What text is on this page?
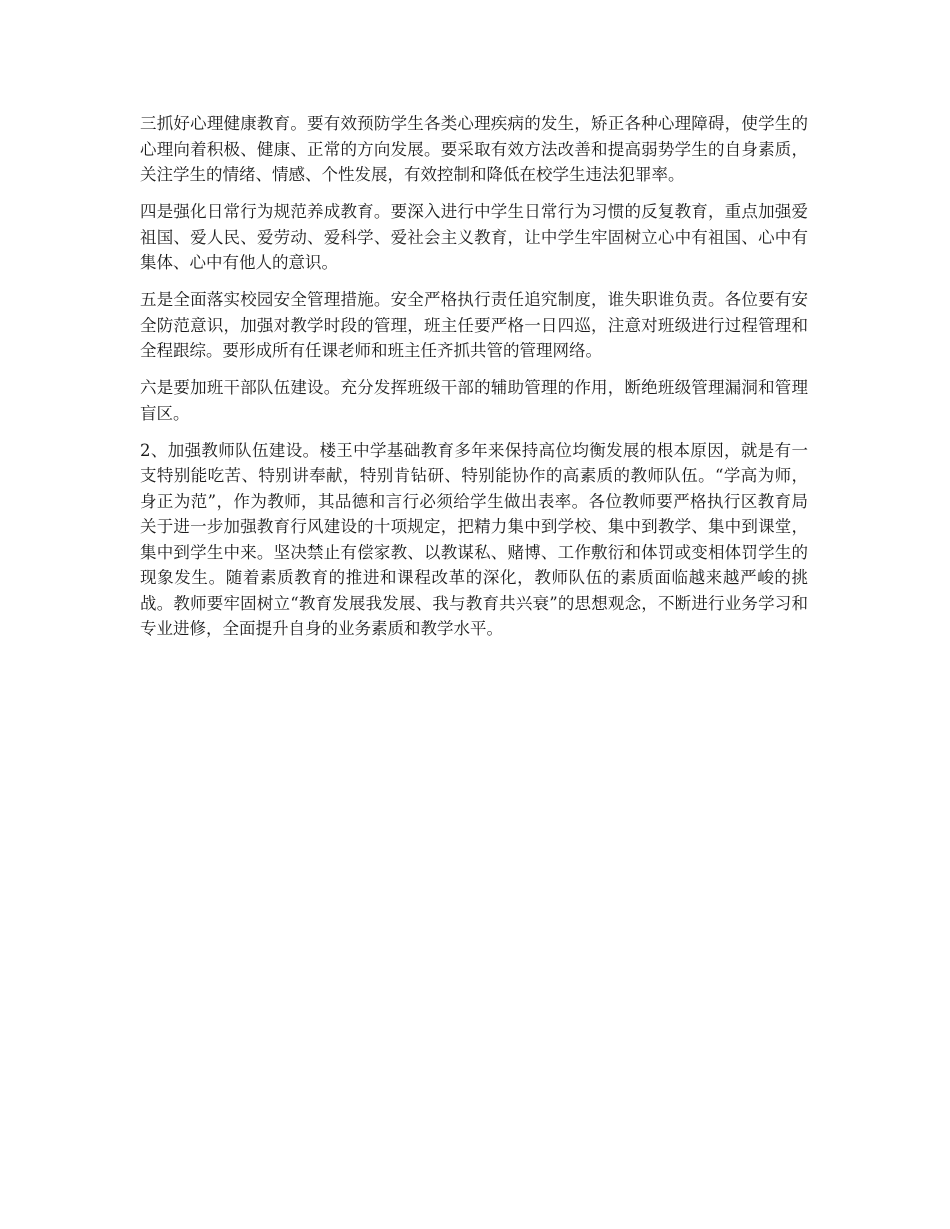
三抓好心理健康教育。要有效预防学生各类心理疾病的发生，矫正各种心理障碍，使学生的心理向着积极、健康、正常的方向发展。要采取有效方法改善和提高弱势学生的自身素质，关注学生的情绪、情感、个性发展，有效控制和降低在校学生违法犯罪率。

四是强化日常行为规范养成教育。要深入进行中学生日常行为习惯的反复教育，重点加强爱祖国、爱人民、爱劳动、爱科学、爱社会主义教育，让中学生牢固树立心中有祖国、心中有集体、心中有他人的意识。

五是全面落实校园安全管理措施。安全严格执行责任追究制度，谁失职谁负责。各位要有安全防范意识，加强对教学时段的管理，班主任要严格一日四巡，注意对班级进行过程管理和全程跟综。要形成所有任课老师和班主任齐抓共管的管理网络。

六是要加班干部队伍建设。充分发挥班级干部的辅助管理的作用，断绝班级管理漏洞和管理盲区。

2、加强教师队伍建设。楼王中学基础教育多年来保持高位均衡发展的根本原因，就是有一支特别能吃苦、特别讲奉献，特别肯钻研、特别能协作的高素质的教师队伍。“学高为师，身正为范”，作为教师，其品德和言行必须给学生做出表率。各位教师要严格执行区教育局关于进一步加强教育行风建设的十项规定，把精力集中到学校、集中到教学、集中到课堂，集中到学生中来。坚决禁止有偿家教、以教谋私、赌博、工作敷衍和体罚或变相体罚学生的现象发生。随着素质教育的推进和课程改革的深化，教师队伍的素质面临越来越严峻的挑战。教师要牢固树立“教育发展我发展、我与教育共兴衰”的思想观念，不断进行业务学习和专业进修，全面提升自身的业务素质和教学水平。
